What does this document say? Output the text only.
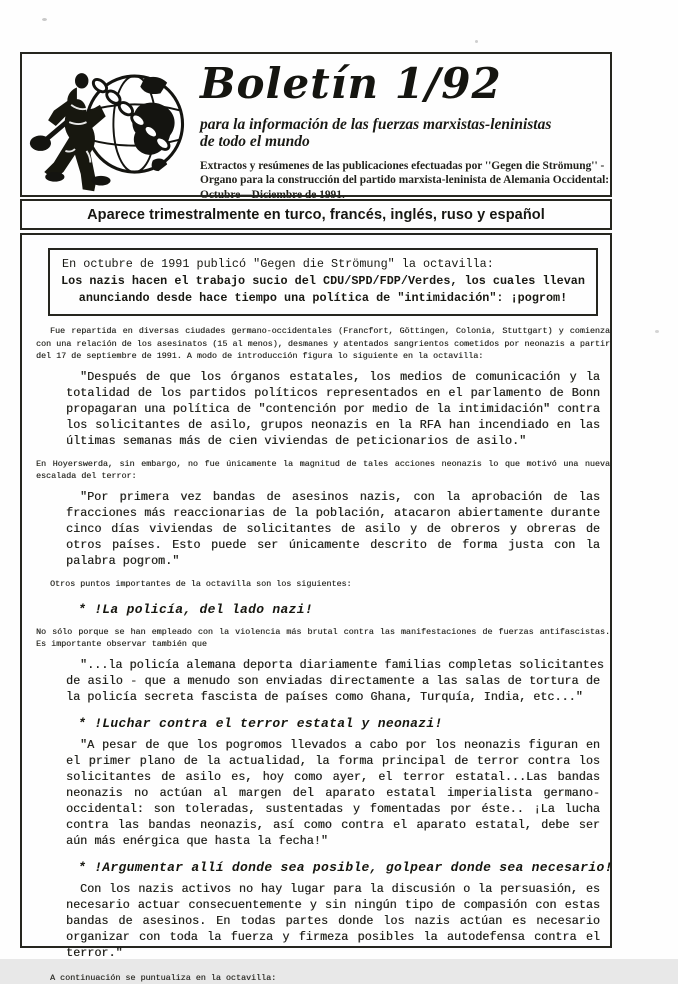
Boletín 1/92
para la información de las fuerzas marxistas-leninistas
de todo el mundo
Extractos y resúmenes de las publicaciones efectuadas por ''Gegen die Strömung'' -
Organo para la construcción del partido marxista-leninista de Alemania Occidental:
Octubre—Diciembre de 1991.
Aparece trimestralmente en turco, francés, inglés, ruso y español
En octubre de 1991 publicó "Gegen die Strömung" la octavilla:
Los nazis hacen el trabajo sucio del CDU/SPD/FDP/Verdes, los cuales llevan
anunciando desde hace tiempo una política de "intimidación": ¡pogrom!
Fue repartida en diversas ciudades germano-occidentales (Francfort, Göttingen, Colonia, Stuttgart) y comienza
con una relación de los asesinatos (15 al menos), desmanes y atentados sangrientos cometidos por neonazis a partir
del 17 de septiembre de 1991. A modo de introducción figura lo siguiente en la octavilla:
"Después de que los órganos estatales, los medios de comunicación y la
totalidad de los partidos políticos representados en el parlamento de Bonn
propagaran una política de "contención por medio de la intimidación" contra
los solicitantes de asilo, grupos neonazis en la RFA han incendiado en las
últimas semanas más de cien viviendas de peticionarios de asilo."
En Hoyerswerda, sin embargo, no fue únicamente la magnitud de tales acciones neonazis lo que motivó una nueva
escalada del terror:
"Por primera vez bandas de asesinos nazis, con la aprobación de las
fracciones más reaccionarias de la población, atacaron abiertamente durante
cinco días viviendas de solicitantes de asilo y de obreros y obreras de
otros países. Esto puede ser únicamente descrito de forma justa con la
palabra pogrom."
Otros puntos importantes de la octavilla son los siguientes:
* !La policía, del lado nazi!
No sólo porque se han empleado con la violencia más brutal contra las manifestaciones de fuerzas antifascistas.
Es importante observar también que
"...la policía alemana deporta diariamente familias completas solicitantes
de asilo - que a menudo son enviadas directamente a las salas de tortura de
la policía secreta fascista de países como Ghana, Turquía, India, etc..."
* !Luchar contra el terror estatal y neonazi!
"A pesar de que los pogromos llevados a cabo por los neonazis figuran en
el primer plano de la actualidad, la forma principal de terror contra los
solicitantes de asilo es, hoy como ayer, el terror estatal...Las bandas
neonazis no actúan al margen del aparato estatal imperialista germano-
occidental: son toleradas, sustentadas y fomentadas por éste.. ¡La lucha
contra las bandas neonazis, así como contra el aparato estatal, debe ser
aún más enérgica que hasta la fecha!"
* !Argumentar allí donde sea posible, golpear donde sea necesario!
Con los nazis activos no hay lugar para la discusión o la persuasión, es
necesario actuar consecuentemente y sin ningún tipo de compasión con estas
bandas de asesinos. En todas partes donde los nazis actúan es necesario
organizar con toda la fuerza y firmeza posibles la autodefensa contra el
terror."
A continuación se puntualiza en la octavilla:
